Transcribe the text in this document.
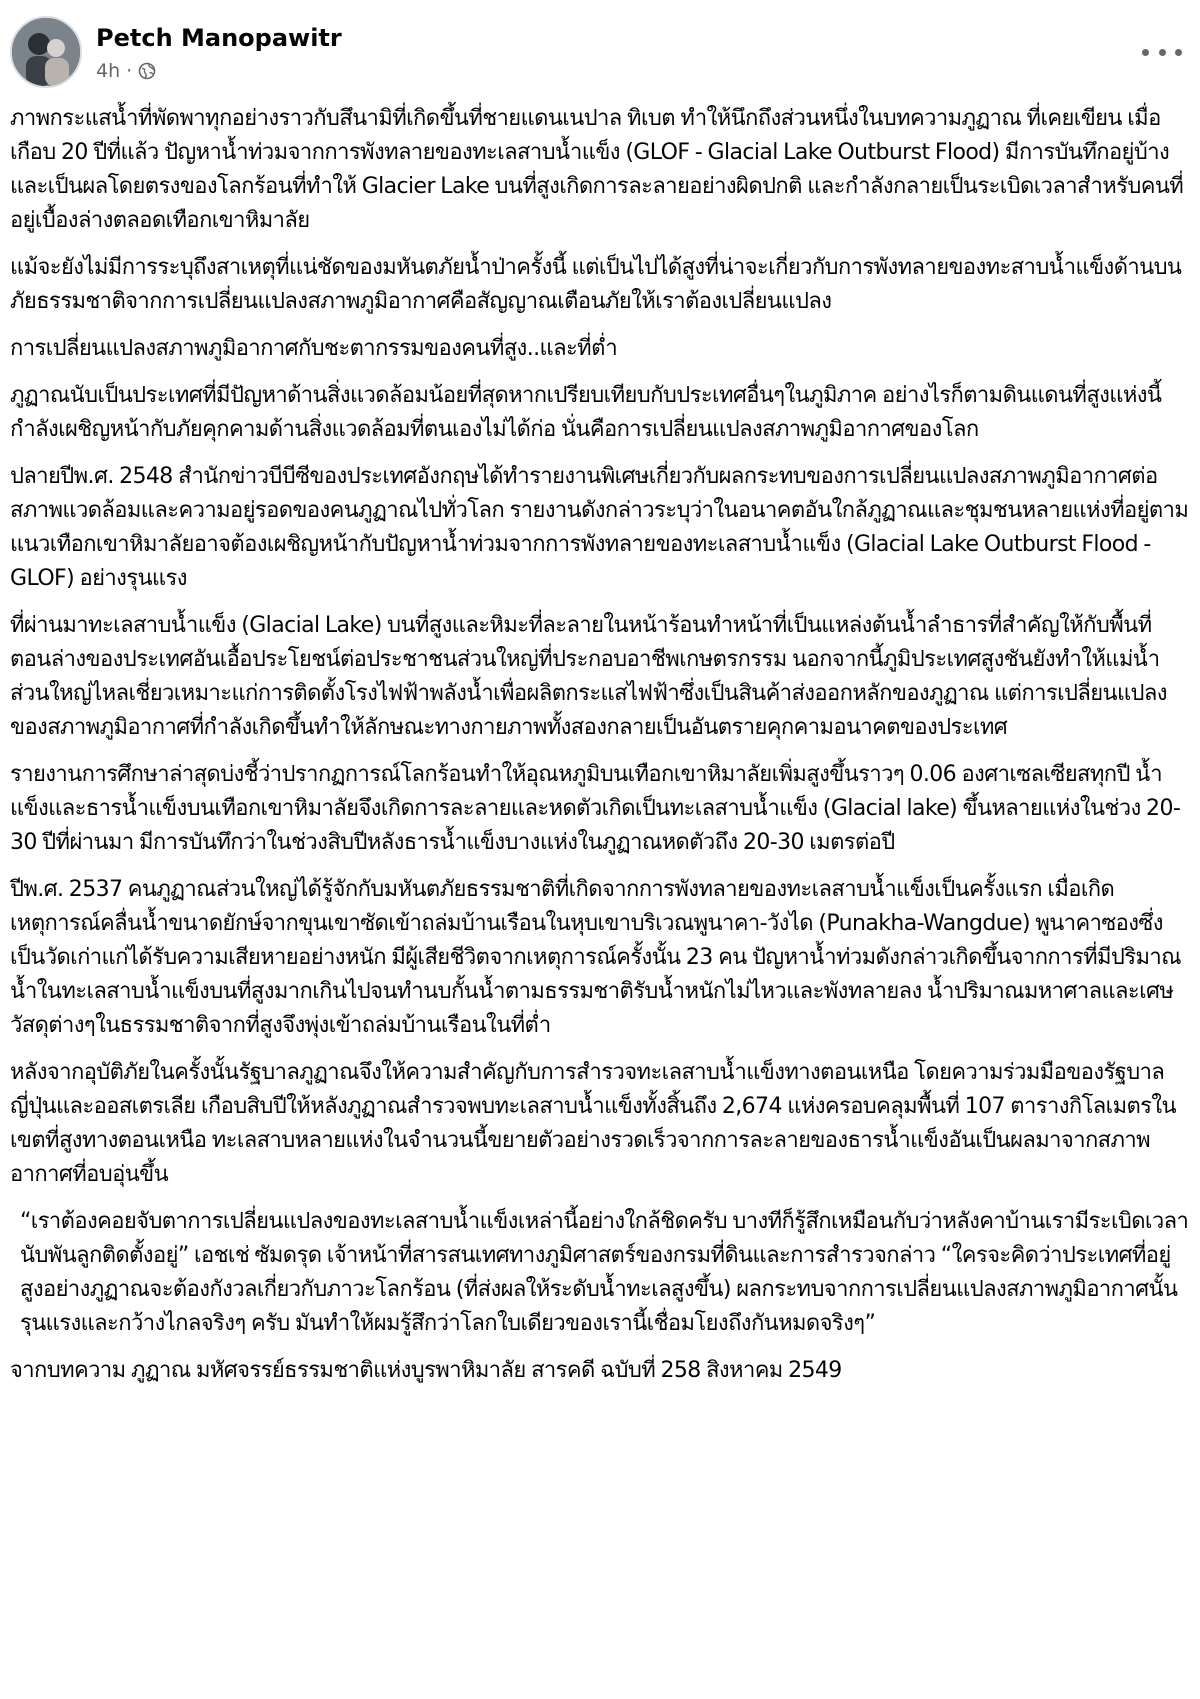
Petch Manopawitr
4h ·

ภาพกระแสน้ำที่พัดพาทุกอย่างราวกับสึนามิที่เกิดขึ้นที่ชายแดนเนปาล ทิเบต ทำให้นึกถึงส่วนหนึ่งในบทความภูฏาณ ที่เคยเขียน เมื่อเกือบ 20 ปีที่แล้ว ปัญหาน้ำท่วมจากการพังทลายของทะเลสาบน้ำแข็ง (GLOF - Glacial Lake Outburst Flood) มีการบันทึกอยู่บ้าง และเป็นผลโดยตรงของโลกร้อนที่ทำให้ Glacier Lake บนที่สูงเกิดการละลายอย่างผิดปกติ และกำลังกลายเป็นระเบิดเวลาสำหรับคนที่อยู่เบื้องล่างตลอดเทือกเขาหิมาลัย

แม้จะยังไม่มีการระบุถึงสาเหตุที่แน่ชัดของมหันตภัยน้ำป่าครั้งนี้ แต่เป็นไปได้สูงที่น่าจะเกี่ยวกับการพังทลายของทะสาบน้ำแข็งด้านบน ภัยธรรมชาติจากการเปลี่ยนแปลงสภาพภูมิอากาศคือสัญญาณเตือนภัยให้เราต้องเปลี่ยนแปลง

การเปลี่ยนแปลงสภาพภูมิอากาศกับชะตากรรมของคนที่สูง..และที่ต่ำ

ภูฏาณนับเป็นประเทศที่มีปัญหาด้านสิ่งแวดล้อมน้อยที่สุดหากเปรียบเทียบกับประเทศอื่นๆในภูมิภาค อย่างไรก็ตามดินแดนที่สูงแห่งนี้กำลังเผชิญหน้ากับภัยคุกคามด้านสิ่งแวดล้อมที่ตนเองไม่ได้ก่อ นั่นคือการเปลี่ยนแปลงสภาพภูมิอากาศของโลก

ปลายปีพ.ศ. 2548 สำนักข่าวบีบีซีของประเทศอังกฤษได้ทำรายงานพิเศษเกี่ยวกับผลกระทบของการเปลี่ยนแปลงสภาพภูมิอากาศต่อสภาพแวดล้อมและความอยู่รอดของคนภูฏาณไปทั่วโลก รายงานดังกล่าวระบุว่าในอนาคตอันใกล้ภูฏาณและชุมชนหลายแห่งที่อยู่ตามแนวเทือกเขาหิมาลัยอาจต้องเผชิญหน้ากับปัญหาน้ำท่วมจากการพังทลายของทะเลสาบน้ำแข็ง (Glacial Lake Outburst Flood - GLOF) อย่างรุนแรง

ที่ผ่านมาทะเลสาบน้ำแข็ง (Glacial Lake) บนที่สูงและหิมะที่ละลายในหน้าร้อนทำหน้าที่เป็นแหล่งต้นน้ำลำธารที่สำคัญให้กับพื้นที่ตอนล่างของประเทศอันเอื้อประโยชน์ต่อประชาชนส่วนใหญ่ที่ประกอบอาชีพเกษตรกรรม นอกจากนี้ภูมิประเทศสูงชันยังทำให้แม่น้ำส่วนใหญ่ไหลเชี่ยวเหมาะแก่การติดตั้งโรงไฟฟ้าพลังน้ำเพื่อผลิตกระแสไฟฟ้าซึ่งเป็นสินค้าส่งออกหลักของภูฏาณ แต่การเปลี่ยนแปลงของสภาพภูมิอากาศที่กำลังเกิดขึ้นทำให้ลักษณะทางกายภาพทั้งสองกลายเป็นอันตรายคุกคามอนาคตของประเทศ

รายงานการศึกษาล่าสุดบ่งชี้ว่าปรากฏการณ์โลกร้อนทำให้อุณหภูมิบนเทือกเขาหิมาลัยเพิ่มสูงขึ้นราวๆ 0.06 องศาเซลเซียสทุกปี น้ำแข็งและธารน้ำแข็งบนเทือกเขาหิมาลัยจึงเกิดการละลายและหดตัวเกิดเป็นทะเลสาบน้ำแข็ง (Glacial lake) ขึ้นหลายแห่งในช่วง 20-30 ปีที่ผ่านมา มีการบันทึกว่าในช่วงสิบปีหลังธารน้ำแข็งบางแห่งในภูฏาณหดตัวถึง 20-30 เมตรต่อปี

ปีพ.ศ. 2537 คนภูฏาณส่วนใหญ่ได้รู้จักกับมหันตภัยธรรมชาติที่เกิดจากการพังทลายของทะเลสาบน้ำแข็งเป็นครั้งแรก เมื่อเกิดเหตุการณ์คลื่นน้ำขนาดยักษ์จากขุนเขาซัดเข้าถล่มบ้านเรือนในหุบเขาบริเวณพูนาคา-วังได (Punakha-Wangdue) พูนาคาซองซึ่งเป็นวัดเก่าแก่ได้รับความเสียหายอย่างหนัก มีผู้เสียชีวิตจากเหตุการณ์ครั้งนั้น 23 คน ปัญหาน้ำท่วมดังกล่าวเกิดขึ้นจากการที่มีปริมาณน้ำในทะเลสาบน้ำแข็งบนที่สูงมากเกินไปจนทำนบกั้นน้ำตามธรรมชาติรับน้ำหนักไม่ไหวและพังทลายลง น้ำปริมาณมหาศาลและเศษวัสดุต่างๆในธรรมชาติจากที่สูงจึงพุ่งเข้าถล่มบ้านเรือนในที่ต่ำ

หลังจากอุบัติภัยในครั้งนั้นรัฐบาลภูฏาณจึงให้ความสำคัญกับการสำรวจทะเลสาบน้ำแข็งทางตอนเหนือ โดยความร่วมมือของรัฐบาลญี่ปุ่นและออสเตรเลีย เกือบสิบปีให้หลังภูฏาณสำรวจพบทะเลสาบน้ำแข็งทั้งสิ้นถึง 2,674 แห่งครอบคลุมพื้นที่ 107 ตารางกิโลเมตรในเขตที่สูงทางตอนเหนือ ทะเลสาบหลายแห่งในจำนวนนี้ขยายตัวอย่างรวดเร็วจากการละลายของธารน้ำแข็งอันเป็นผลมาจากสภาพอากาศที่อบอุ่นขึ้น

“เราต้องคอยจับตาการเปลี่ยนแปลงของทะเลสาบน้ำแข็งเหล่านี้อย่างใกล้ชิดครับ บางทีก็รู้สึกเหมือนกับว่าหลังคาบ้านเรามีระเบิดเวลานับพันลูกติดตั้งอยู่” เอชเช่ ซัมดรุด เจ้าหน้าที่สารสนเทศทางภูมิศาสตร์ของกรมที่ดินและการสำรวจกล่าว “ใครจะคิดว่าประเทศที่อยู่สูงอย่างภูฏาณจะต้องกังวลเกี่ยวกับภาวะโลกร้อน (ที่ส่งผลให้ระดับน้ำทะเลสูงขึ้น) ผลกระทบจากการเปลี่ยนแปลงสภาพภูมิอากาศนั้นรุนแรงและกว้างไกลจริงๆ ครับ มันทำให้ผมรู้สึกว่าโลกใบเดียวของเรานี้เชื่อมโยงถึงกันหมดจริงๆ”

จากบทความ ภูฏาณ มหัศจรรย์ธรรมชาติแห่งบูรพาหิมาลัย สารคดี ฉบับที่ 258 สิงหาคม 2549
